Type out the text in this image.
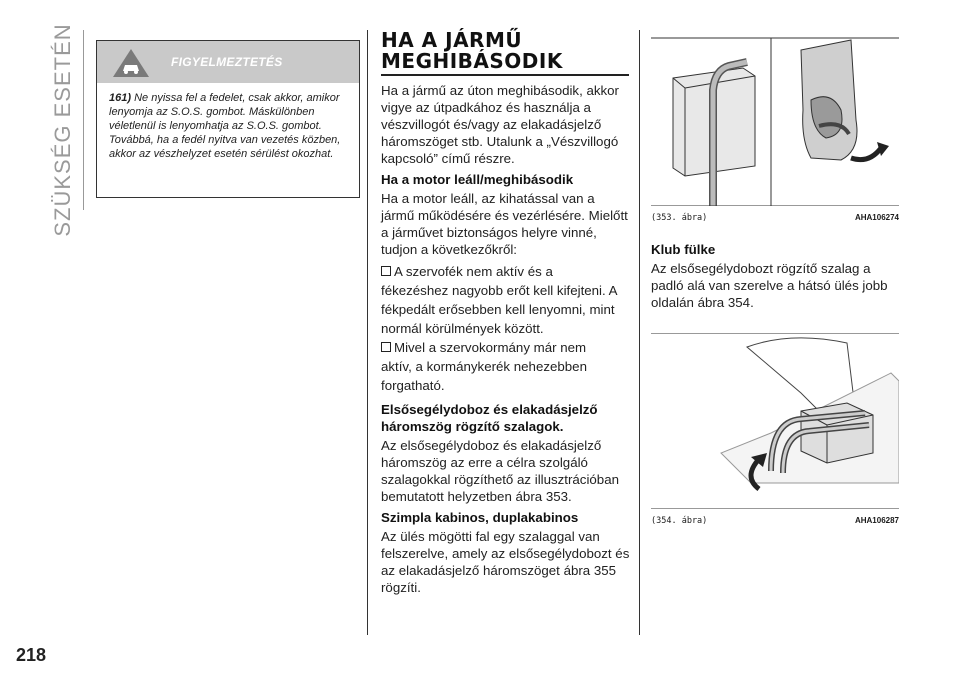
SZÜKSÉG ESETÉN	FIGYELMEZTETÉS
161) Ne nyissa fel a fedelet, csak akkor, amikor lenyomja az S.O.S. gombot. Máskülönben véletlenül is lenyomhatja az S.O.S. gombot. Továbbá, ha a fedél nyitva van vezetés közben, akkor az vészhelyzet esetén sérülést okozhat.
HA A JÁRMŰ
MEGHIBÁSODIK

Ha a jármű az úton meghibásodik, akkor vigye az útpadkához és használja a vészvillogót és/vagy az elakadásjelző háromszöget stb. Utalunk a „Vészvillogó kapcsoló” című részre.

Ha a motor leáll/meghibásodik

Ha a motor leáll, az kihatással van a jármű működésére és vezérlésére. Mielőtt a járművet biztonságos helyre vinné, tudjon a következőkről:

A szervofék nem aktív és a

fékezéshez nagyobb erőt kell kifejteni. A

fékpedált erősebben kell lenyomni, mint

normál körülmények között.

Mivel a szervokormány már nem

aktív, a kormánykerék nehezebben

forgatható.

Elsősegélydoboz és elakadásjelző háromszög rögzítő szalagok.

Az elsősegélydoboz és elakadásjelző háromszög az erre a célra szolgáló szalagokkal rögzíthető az illusztrációban bemutatott helyzetben ábra 353.

Szimpla kabinos, duplakabinos

Az ülés mögötti fal egy szalaggal van felszerelve, amely az elsősegélydobozt és az elakadásjelző háromszöget ábra 355 rögzíti.

(353. ábra)	AHA106274
Klub fülke

Az elsősegélydobozt rögzítő szalag a padló alá van szerelve a hátsó ülés jobb oldalán ábra 354.

(354. ábra)	AHA106287
218
